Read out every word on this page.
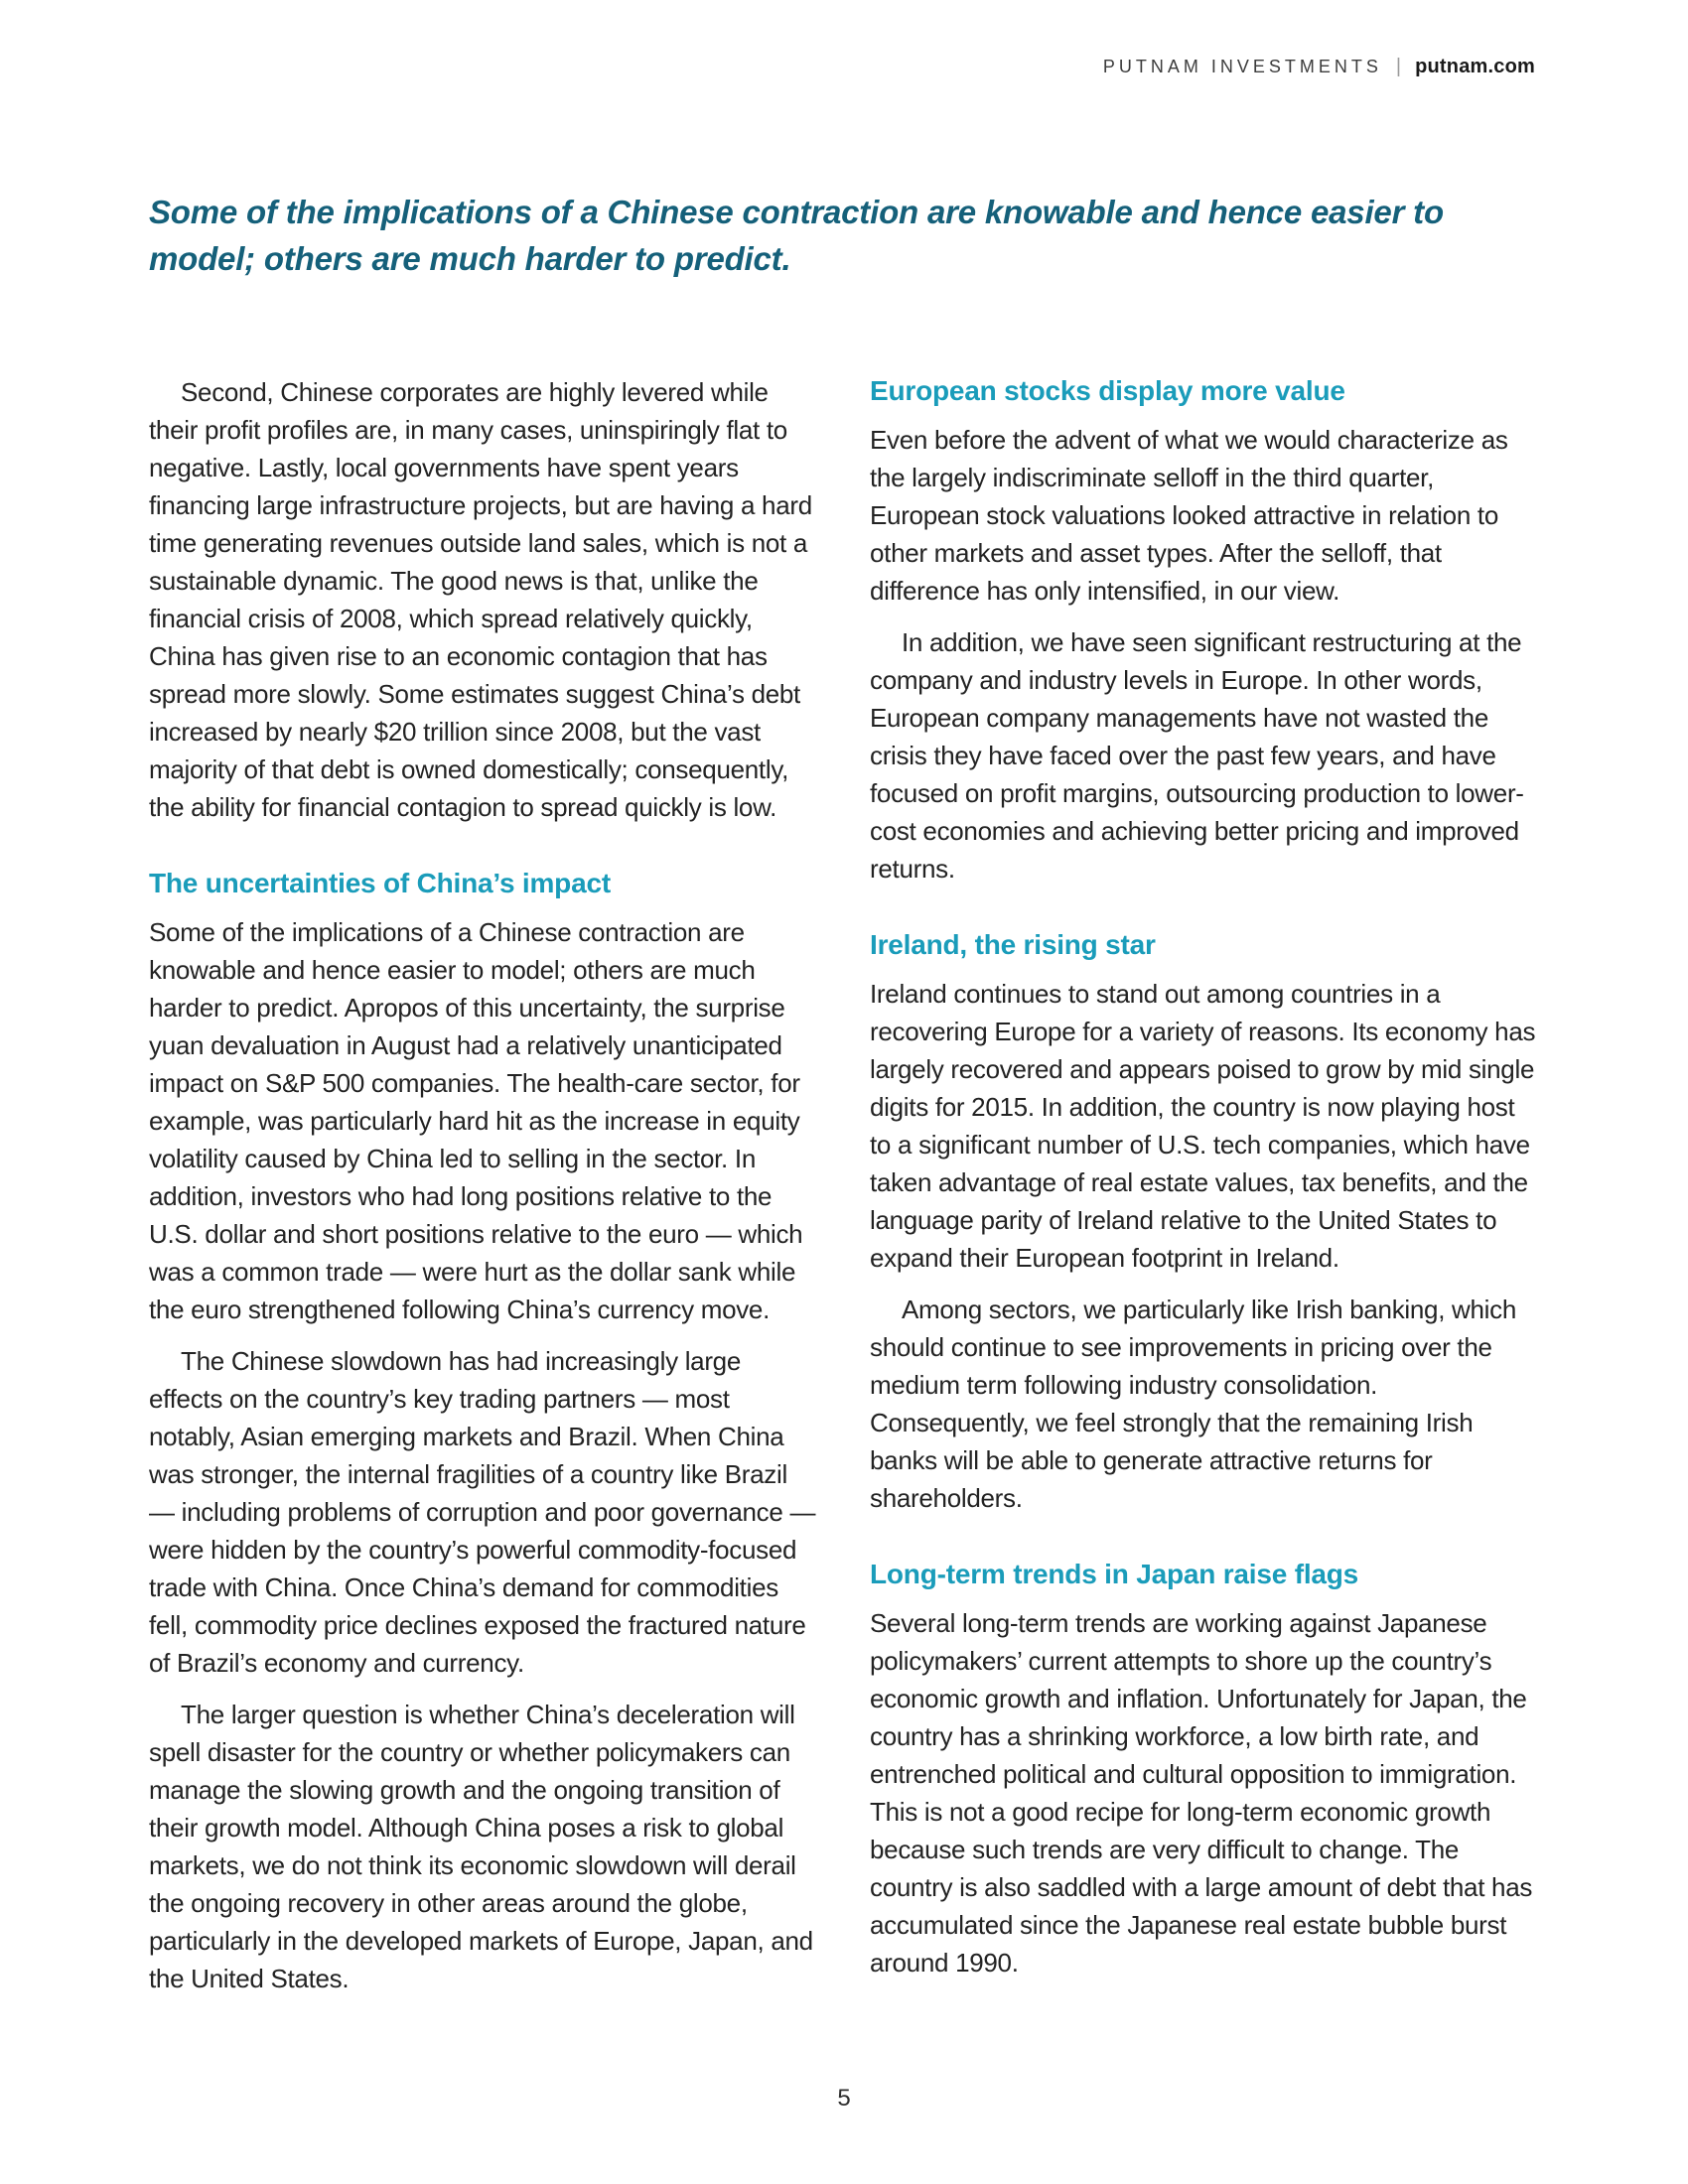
PUTNAM INVESTMENTS | putnam.com
Some of the implications of a Chinese contraction are knowable and hence easier to model; others are much harder to predict.

Second, Chinese corporates are highly levered while their profit profiles are, in many cases, uninspiringly flat to negative. Lastly, local governments have spent years financing large infrastructure projects, but are having a hard time generating revenues outside land sales, which is not a sustainable dynamic. The good news is that, unlike the financial crisis of 2008, which spread relatively quickly, China has given rise to an economic contagion that has spread more slowly. Some estimates suggest China’s debt increased by nearly $20 trillion since 2008, but the vast majority of that debt is owned domestically; consequently, the ability for financial contagion to spread quickly is low.

The uncertainties of China’s impact

Some of the implications of a Chinese contraction are knowable and hence easier to model; others are much harder to predict. Apropos of this uncertainty, the surprise yuan devaluation in August had a relatively unanticipated impact on S&P 500 companies. The health-care sector, for example, was particularly hard hit as the increase in equity volatility caused by China led to selling in the sector. In addition, investors who had long positions relative to the U.S. dollar and short positions relative to the euro — which was a common trade — were hurt as the dollar sank while the euro strengthened following China’s currency move.

The Chinese slowdown has had increasingly large effects on the country’s key trading partners — most notably, Asian emerging markets and Brazil. When China was stronger, the internal fragilities of a country like Brazil — including problems of corruption and poor governance — were hidden by the country’s powerful commodity-focused trade with China. Once China’s demand for commodities fell, commodity price declines exposed the fractured nature of Brazil’s economy and currency.

The larger question is whether China’s deceleration will spell disaster for the country or whether policymakers can manage the slowing growth and the ongoing transition of their growth model. Although China poses a risk to global markets, we do not think its economic slowdown will derail the ongoing recovery in other areas around the globe, particularly in the developed markets of Europe, Japan, and the United States.

European stocks display more value

Even before the advent of what we would characterize as the largely indiscriminate selloff in the third quarter, European stock valuations looked attractive in relation to other markets and asset types. After the selloff, that difference has only intensified, in our view.

In addition, we have seen significant restructuring at the company and industry levels in Europe. In other words, European company managements have not wasted the crisis they have faced over the past few years, and have focused on profit margins, outsourcing production to lower-cost economies and achieving better pricing and improved returns.

Ireland, the rising star

Ireland continues to stand out among countries in a recovering Europe for a variety of reasons. Its economy has largely recovered and appears poised to grow by mid single digits for 2015. In addition, the country is now playing host to a significant number of U.S. tech companies, which have taken advantage of real estate values, tax benefits, and the language parity of Ireland relative to the United States to expand their European footprint in Ireland.

Among sectors, we particularly like Irish banking, which should continue to see improvements in pricing over the medium term following industry consolidation. Consequently, we feel strongly that the remaining Irish banks will be able to generate attractive returns for shareholders.

Long-term trends in Japan raise flags

Several long-term trends are working against Japanese policymakers’ current attempts to shore up the country’s economic growth and inflation. Unfortunately for Japan, the country has a shrinking workforce, a low birth rate, and entrenched political and cultural opposition to immigration. This is not a good recipe for long-term economic growth because such trends are very difficult to change. The country is also saddled with a large amount of debt that has accumulated since the Japanese real estate bubble burst around 1990.

5
